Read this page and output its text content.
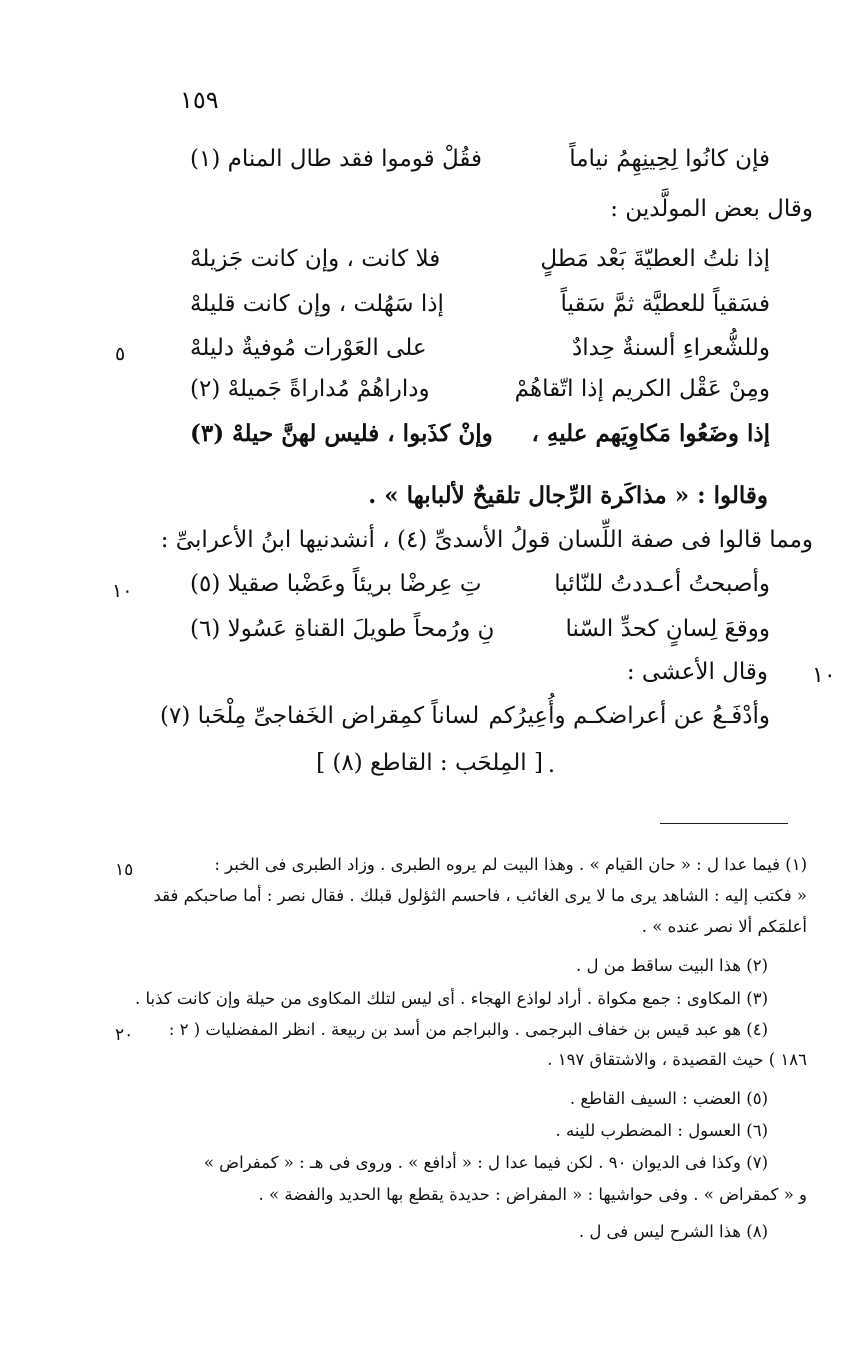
١٥٩
فإن كانُوا لِحِينِهِمُ نياماً
فقُلْ قوموا فقد طال المنام (١)
وقال بعض المولَّدين :
إذا نلتُ العطيّةَ بَعْد مَطلٍ
فلا كانت ، وإن كانت جَزيلهْ
فسَقياً للعطيَّة ثمَّ سَقياً
إذا سَهُلت ، وإن كانت قليلهْ
وللشُّعراءِ ألسنةٌ حِدادٌ
على العَوْرات مُوفيةٌ دليلهْ
٥
ومِنْ عَقْل الكريم إذا اتّقاهُمْ
وداراهُمْ مُداراةً جَميلهْ (٢)
إذا وضَعُوا مَكاوِيَهم عليهِ ،
وإنْ كذَبوا ، فليس لهنَّ حيلهْ (٣)
وقالوا : « مذاكَرة الرِّجال تلقيحٌ لألبابها » .
ومما قالوا فى صفة اللِّسان قولُ الأسدىِّ (٤) ، أنشدنيها ابنُ الأعرابىِّ :
وأصبحتُ أعـددتُ للنّائبا
تِ عِرضْا بريئاً وعَضْبا صقيلا (٥)
١٠
ووقعَ لِسانٍ كحدِّ السّنا
نِ ورُمحاً طويلَ القناةِ عَسُولا (٦)
وقال الأعشى : ١٠
وأدْفَـعُ عن أعراضكـم وأُعِيرُكم
لساناً كمِقراض الخَفاجىِّ مِلْحَبا (٧)
[ المِلحَب : القاطع (٨) ] .
(١) فيما عدا ل : « حان القيام » . وهذا البيت لم يروه الطبرى . وزاد الطبرى فى الخبر :
١٥
« فكتب إليه : الشاهد يرى ما لا يرى الغائب ، فاحسم الثؤلول قبلك . فقال نصر : أما صاحبكم فقد
أعلمَكم ألا نصر عنده » .
(٢) هذا البيت ساقط من ل .
(٣) المكاوى : جمع مكواة . أراد لواذع الهجاء . أى ليس لتلك المكاوى من حيلة وإن كانت كذبا .
(٤) هو عبد قيس بن خفاف البرجمى . والبراجم من أسد بن ربيعة . انظر المفضليات ( ٢ :
٢٠
١٨٦ ) حيث القصيدة ، والاشتقاق ١٩٧ .
(٥) العضب : السيف القاطع .
(٦) العسول : المضطرب للينه .
(٧) وكذا فى الديوان ٩٠ . لكن فيما عدا ل : « أدافع » . وروى فى هـ : « كمفراض »
و « كمقراض » . وفى حواشيها : « المفراض : حديدة يقطع بها الحديد والفضة » .
(٨) هذا الشرح ليس فى ل .
